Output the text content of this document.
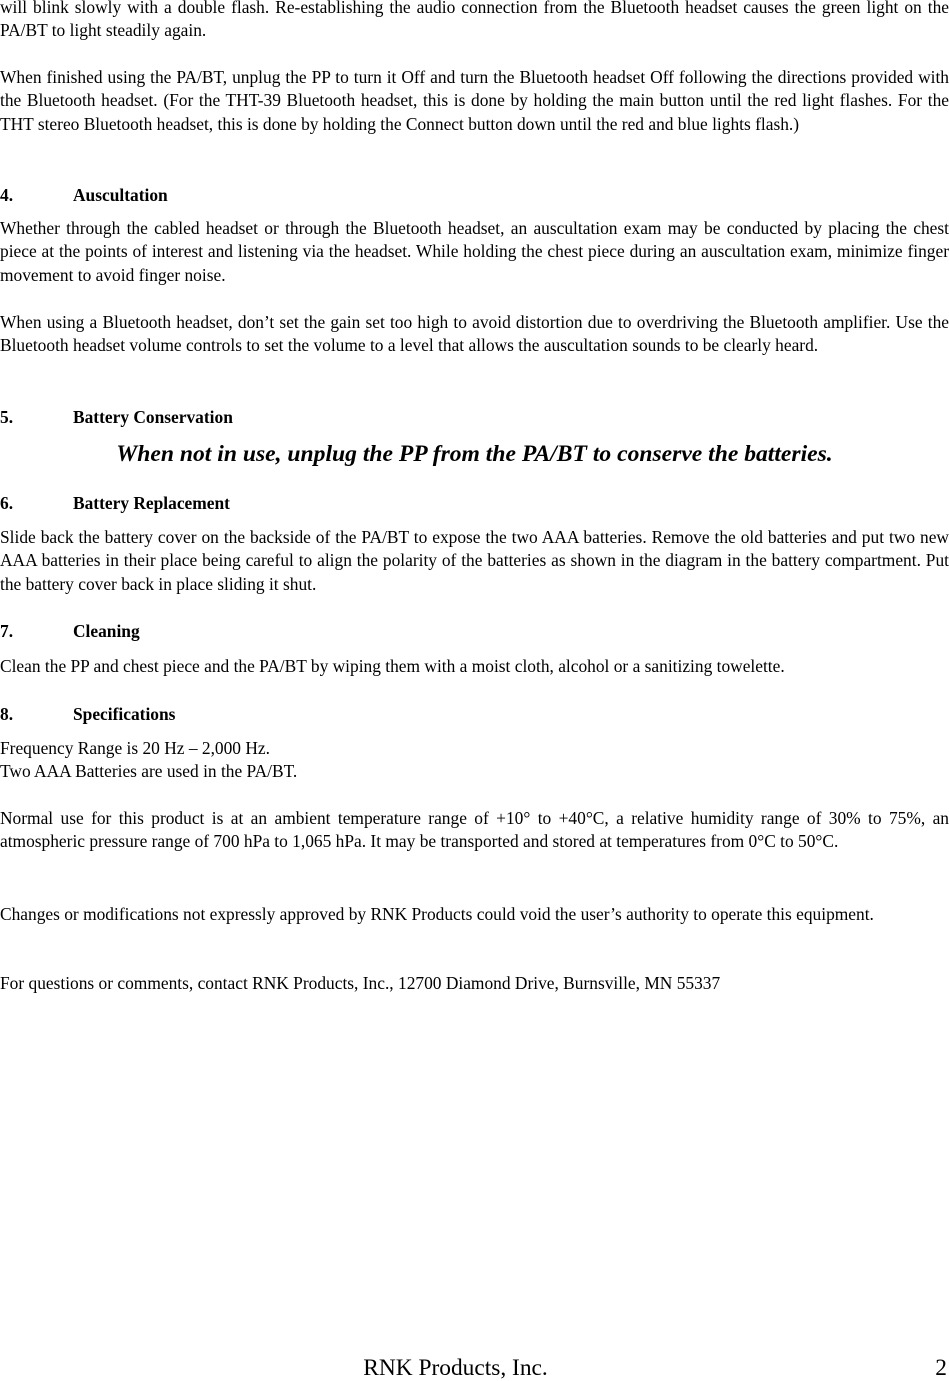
will blink slowly with a double flash. Re-establishing the audio connection from the Bluetooth headset causes the green light on the PA/BT to light steadily again.

When finished using the PA/BT, unplug the PP to turn it Off and turn the Bluetooth headset Off following the directions provided with the Bluetooth headset. (For the THT-39 Bluetooth headset, this is done by holding the main button until the red light flashes. For the THT stereo Bluetooth headset, this is done by holding the Connect button down until the red and blue lights flash.)

4.	Auscultation

Whether through the cabled headset or through the Bluetooth headset, an auscultation exam may be conducted by placing the chest piece at the points of interest and listening via the headset. While holding the chest piece during an auscultation exam, minimize finger movement to avoid finger noise.

When using a Bluetooth headset, don’t set the gain set too high to avoid distortion due to overdriving the Bluetooth amplifier. Use the Bluetooth headset volume controls to set the volume to a level that allows the auscultation sounds to be clearly heard.

5.	Battery Conservation

When not in use, unplug the PP from the PA/BT to conserve the batteries.

6.	Battery Replacement

Slide back the battery cover on the backside of the PA/BT to expose the two AAA batteries. Remove the old batteries and put two new AAA batteries in their place being careful to align the polarity of the batteries as shown in the diagram in the battery compartment. Put the battery cover back in place sliding it shut.

7.	Cleaning

Clean the PP and chest piece and the PA/BT by wiping them with a moist cloth, alcohol or a sanitizing towelette.

8.	Specifications

Frequency Range is 20 Hz – 2,000 Hz.

Two AAA Batteries are used in the PA/BT.

Normal use for this product is at an ambient temperature range of +10° to +40°C, a relative humidity range of 30% to 75%, an atmospheric pressure range of 700 hPa to 1,065 hPa. It may be transported and stored at temperatures from 0°C to 50°C.

Changes or modifications not expressly approved by RNK Products could void the user’s authority to operate this equipment.

For questions or comments, contact RNK Products, Inc., 12700 Diamond Drive, Burnsville, MN 55337

RNK Products, Inc.	2
